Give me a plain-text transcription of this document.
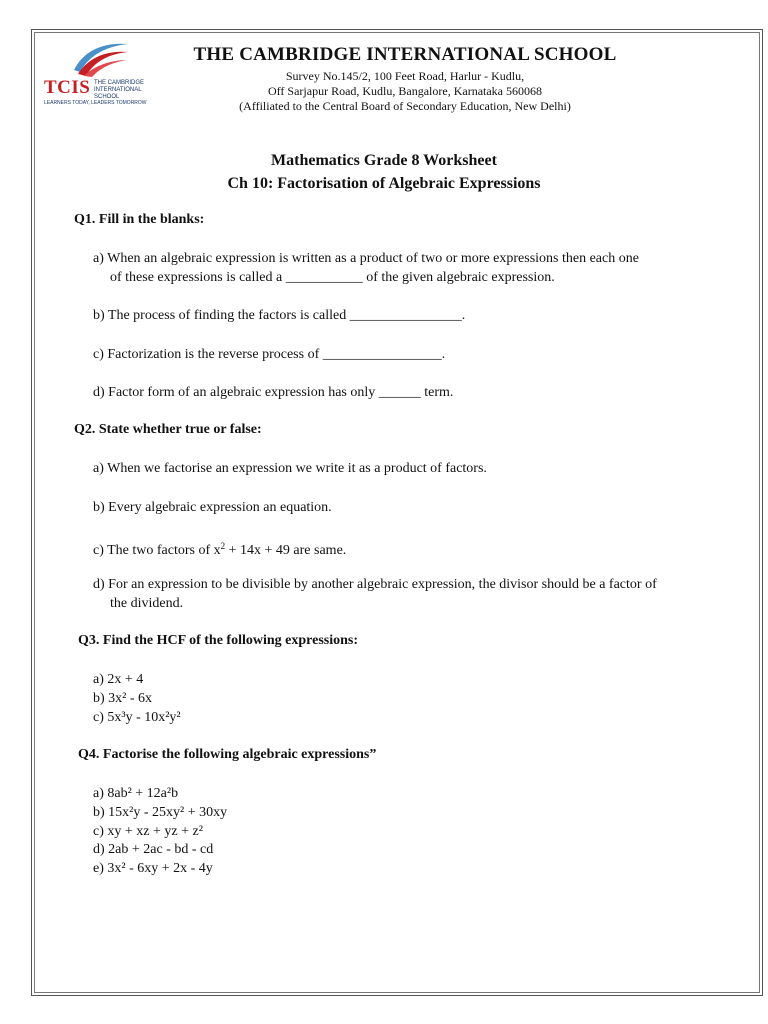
TCIS THE CAMBRIDGE INTERNATIONAL SCHOOL
LEARNERS TODAY, LEADERS TOMORROW
THE CAMBRIDGE INTERNATIONAL SCHOOL
Survey No.145/2, 100 Feet Road, Harlur - Kudlu,
Off Sarjapur Road, Kudlu, Bangalore, Karnataka 560068
(Affiliated to the Central Board of Secondary Education, New Delhi)
Mathematics Grade 8 Worksheet
Ch 10: Factorisation of Algebraic Expressions
Q1. Fill in the blanks:
a) When an algebraic expression is written as a product of two or more expressions then each one
of these expressions is called a ___________ of the given algebraic expression.
b) The process of finding the factors is called ________________.
c) Factorization is the reverse process of _________________.
d) Factor form of an algebraic expression has only ______ term.
Q2. State whether true or false:
a) When we factorise an expression we write it as a product of factors.
b) Every algebraic expression an equation.
c) The two factors of $x^2 + 14x + 49$ are same.
d) For an expression to be divisible by another algebraic expression, the divisor should be a factor of
the dividend.
Q3. Find the HCF of the following expressions:
a) 2x + 4
b) 3x² - 6x
c) 5x³y - 10x²y²
Q4. Factorise the following algebraic expressions”
a) 8ab² + 12a²b
b) 15x²y - 25xy² + 30xy
c) xy + xz + yz + z²
d) 2ab + 2ac - bd - cd
e) 3x² - 6xy + 2x - 4y
